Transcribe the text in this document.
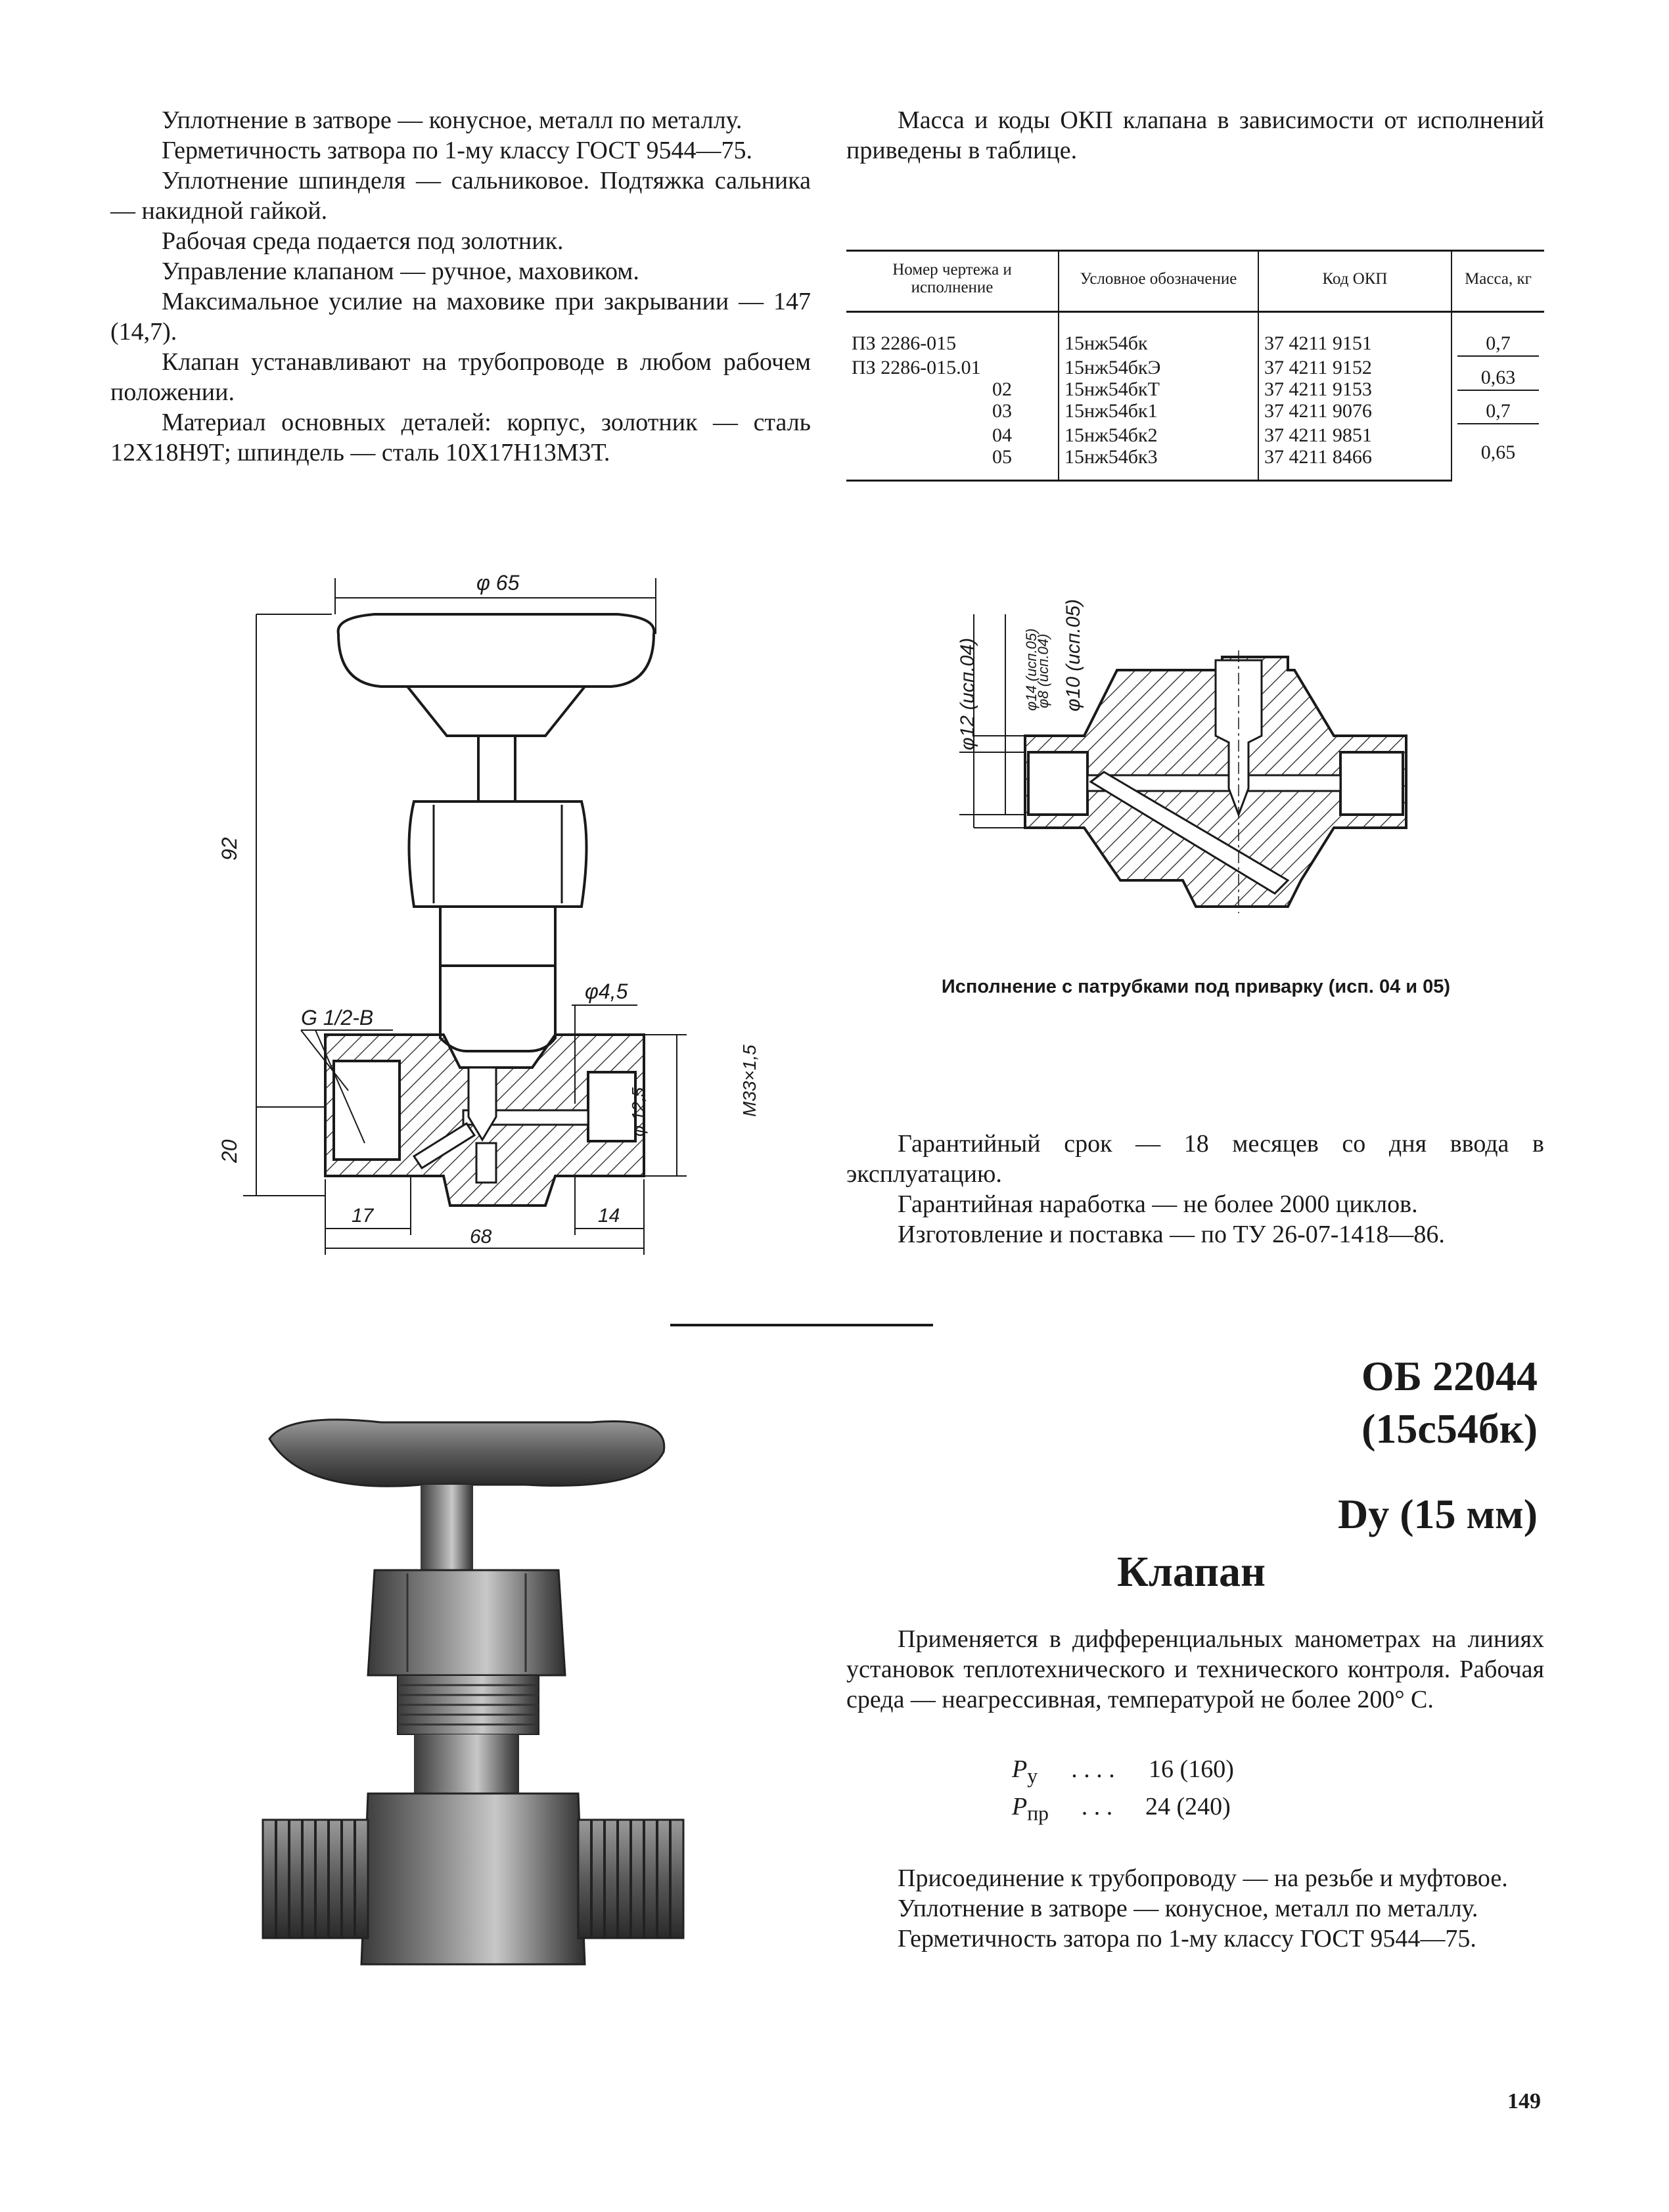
Уплотнение в затворе — конусное, металл по металлу.

Герметичность затвора по 1-му классу ГОСТ 9544—75.

Уплотнение шпинделя — сальниковое. Подтяжка сальника — накидной гайкой.

Рабочая среда подается под золотник.

Управление клапаном — ручное, маховиком.

Максимальное усилие на маховике при закрывании — 147 (14,7).

Клапан устанавливают на трубопроводе в любом рабочем положении.

Материал основных деталей: корпус, золотник — сталь 12Х18Н9Т; шпиндель — сталь 10Х17Н13М3Т.

Масса и коды ОКП клапана в зависимости от исполнений приведены в таблице.

Номер чертежа и исполнение	Условное обозначение	Код ОКП	Масса, кг
ПЗ 2286-015	15нж54бк	37 4211 9151	0,7

ПЗ 2286-015.01	15нж54бкЭ	37 4211 9152	0,63

02	15нж54бкТ	37 4211 9153	
03	15нж54бк1	37 4211 9076	0,7

04	15нж54бк2	37 4211 9851	0,65
05	15нж54бк3	37 4211 8466	
φ 65
92
20
G 1/2-B
φ4,5
φ 12,5	M33×1,5
17
68
14
φ12 (исп.04)	φ14 (исп.05)
φ8 (исп.04) φ10 (исп.05)
Исполнение с патрубками под приварку (исп. 04 и 05)

Гарантийный срок — 18 месяцев со дня ввода в эксплуатацию.

Гарантийная наработка — не более 2000 циклов.

Изготовление и поставка — по ТУ 26-07-1418—86.

ОБ 22044
(15с54бк)
Dу (15 мм)
Клапан

Применяется в дифференциальных манометрах на линиях установок теплотехнического и технического контроля. Рабочая среда — неагрессивная, температурой не более 200° С.

$P_у$ . . . . 16 (160)
$P_{пр}$ . . . 24 (240)

Присоединение к трубопроводу — на резьбе и муфтовое.

Уплотнение в затворе — конусное, металл по металлу.

Герметичность затора по 1-му классу ГОСТ 9544—75.

149
